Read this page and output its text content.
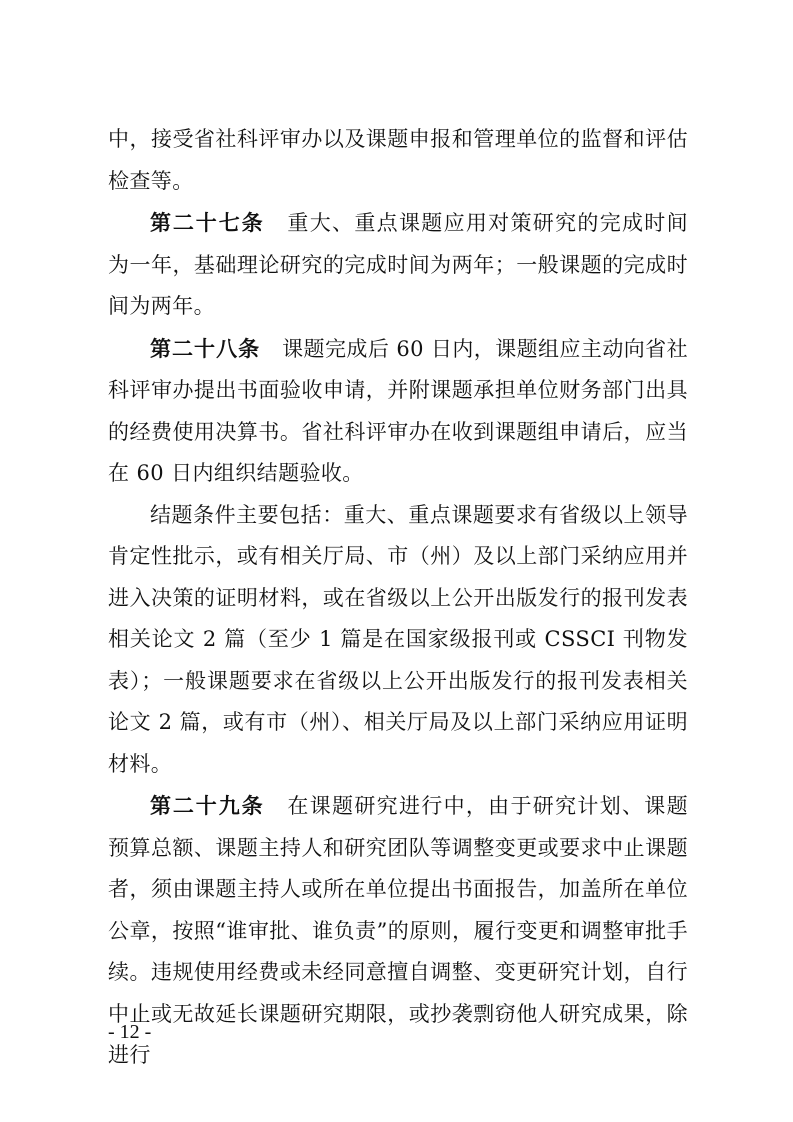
中，接受省社科评审办以及课题申报和管理单位的监督和评估检查等。

第二十七条 重大、重点课题应用对策研究的完成时间为一年，基础理论研究的完成时间为两年；一般课题的完成时间为两年。

第二十八条 课题完成后 60 日内，课题组应主动向省社科评审办提出书面验收申请，并附课题承担单位财务部门出具的经费使用决算书。省社科评审办在收到课题组申请后，应当在 60 日内组织结题验收。

结题条件主要包括：重大、重点课题要求有省级以上领导肯定性批示，或有相关厅局、市（州）及以上部门采纳应用并进入决策的证明材料，或在省级以上公开出版发行的报刊发表相关论文 2 篇（至少 1 篇是在国家级报刊或 CSSCI 刊物发表）；一般课题要求在省级以上公开出版发行的报刊发表相关论文 2 篇，或有市（州）、相关厅局及以上部门采纳应用证明材料。

第二十九条 在课题研究进行中，由于研究计划、课题预算总额、课题主持人和研究团队等调整变更或要求中止课题者，须由课题主持人或所在单位提出书面报告，加盖所在单位公章，按照“谁审批、谁负责”的原则，履行变更和调整审批手续。违规使用经费或未经同意擅自调整、变更研究计划，自行中止或无故延长课题研究期限，或抄袭剽窃他人研究成果，除进行

- 12 -
